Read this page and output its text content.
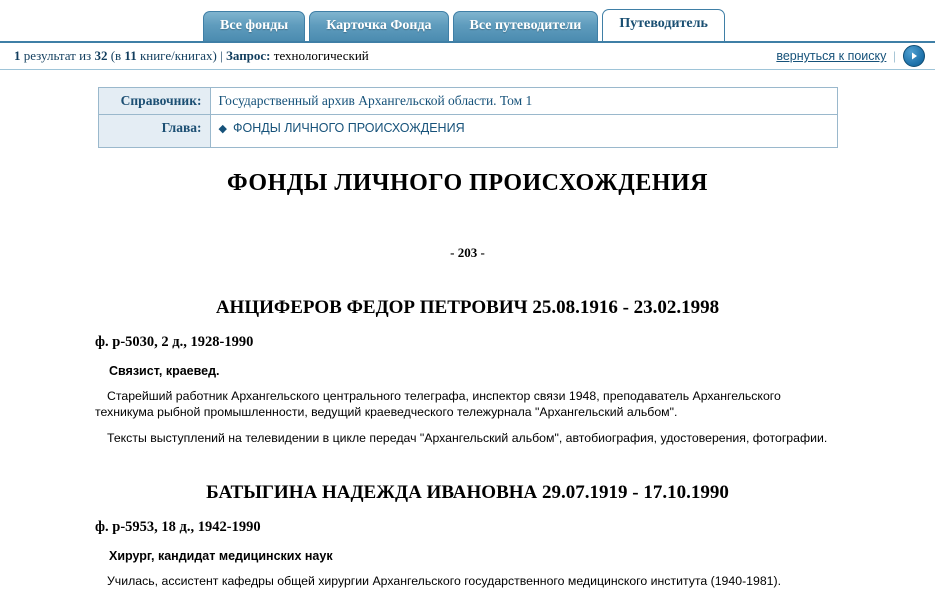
Все фонды	Карточка Фонда	Все путеводители	Путеводитель
1 результат из 32 (в 11 книге/книгах) | Запрос: технологический	вернуться к поиску |
Справочник:	Государственный архив Архангельской области. Том 1
Глава:	◆ ФОНДЫ ЛИЧНОГО ПРОИСХОЖДЕНИЯ
ФОНДЫ ЛИЧНОГО ПРОИСХОЖДЕНИЯ
- 203 -
АНЦИФЕРОВ ФЕДОР ПЕТРОВИЧ 25.08.1916 - 23.02.1998
ф. р-5030, 2 д., 1928-1990
Связист, краевед.

Старейший работник Архангельского центрального телеграфа, инспектор связи 1948, преподаватель Архангельского техникума рыбной промышленности, ведущий краеведческого тележурнала "Архангельский альбом".

Тексты выступлений на телевидении в цикле передач "Архангельский альбом", автобиография, удостоверения, фотографии.

БАТЫГИНА НАДЕЖДА ИВАНОВНА 29.07.1919 - 17.10.1990
ф. р-5953, 18 д., 1942-1990
Хирург, кандидат медицинских наук

Училась, ассистент кафедры общей хирургии Архангельского государственного медицинского института (1940-1981).
